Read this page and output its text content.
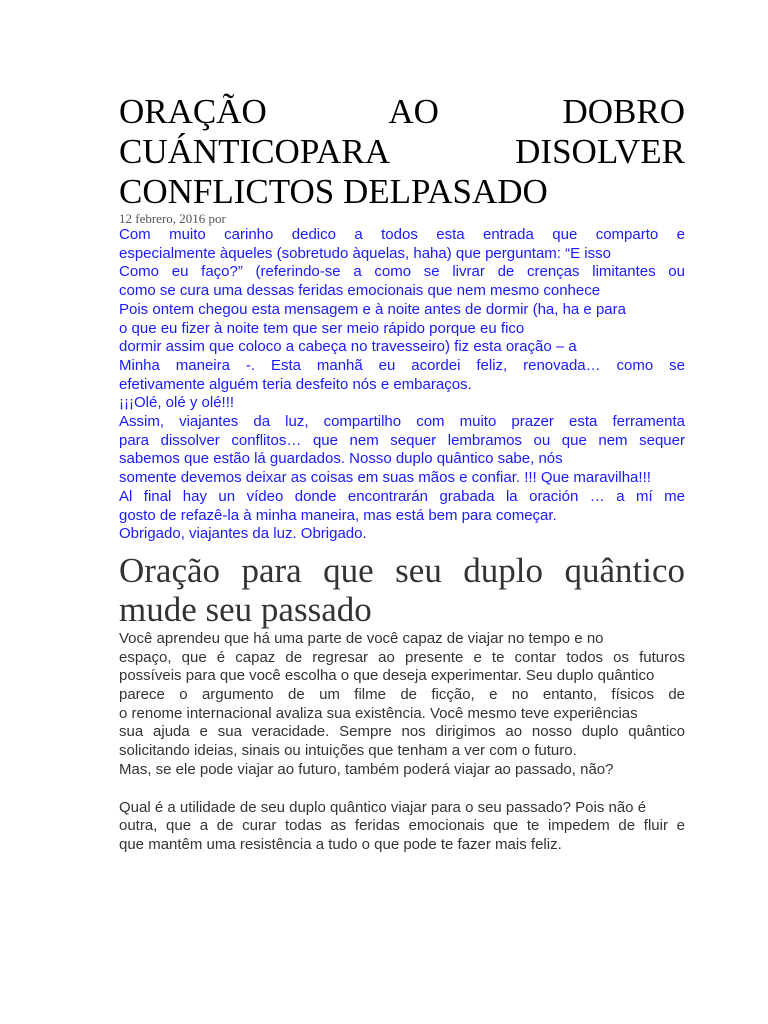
ORAÇÃO AO DOBRO
CUÁNTICOPARA DISOLVER
CONFLICTOS DELPASADO
12 febrero, 2016 por
Com muito carinho dedico a todos esta entrada que comparto e
especialmente àqueles (sobretudo àquelas, haha) que perguntam: “E isso
Como eu faço?” (referindo-se a como se livrar de crenças limitantes ou
como se cura uma dessas feridas emocionais que nem mesmo conhece
Pois ontem chegou esta mensagem e à noite antes de dormir (ha, ha e para
o que eu fizer à noite tem que ser meio rápido porque eu fico
dormir assim que coloco a cabeça no travesseiro) fiz esta oração – a
Minha maneira -. Esta manhã eu acordei feliz, renovada… como se
efetivamente alguém teria desfeito nós e embaraços.
¡¡¡Olé, olé y olé!!!
Assim, viajantes da luz, compartilho com muito prazer esta ferramenta
para dissolver conflitos… que nem sequer lembramos ou que nem sequer
sabemos que estão lá guardados. Nosso duplo quântico sabe, nós
somente devemos deixar as coisas em suas mãos e confiar. !!! Que maravilha!!!
Al final hay un vídeo donde encontrarán grabada la oración … a mí me
gosto de refazê-la à minha maneira, mas está bem para começar.
Obrigado, viajantes da luz. Obrigado.
Oração para que seu duplo quântico
mude seu passado
Você aprendeu que há uma parte de você capaz de viajar no tempo e no
espaço, que é capaz de regresar ao presente e te contar todos os futuros
possíveis para que você escolha o que deseja experimentar. Seu duplo quântico
parece o argumento de um filme de ficção, e no entanto, físicos de
o renome internacional avaliza sua existência. Você mesmo teve experiências
sua ajuda e sua veracidade. Sempre nos dirigimos ao nosso duplo quântico
solicitando ideias, sinais ou intuições que tenham a ver com o futuro.
Mas, se ele pode viajar ao futuro, também poderá viajar ao passado, não?
Qual é a utilidade de seu duplo quântico viajar para o seu passado? Pois não é
outra, que a de curar todas as feridas emocionais que te impedem de fluir e
que mantêm uma resistência a tudo o que pode te fazer mais feliz.
